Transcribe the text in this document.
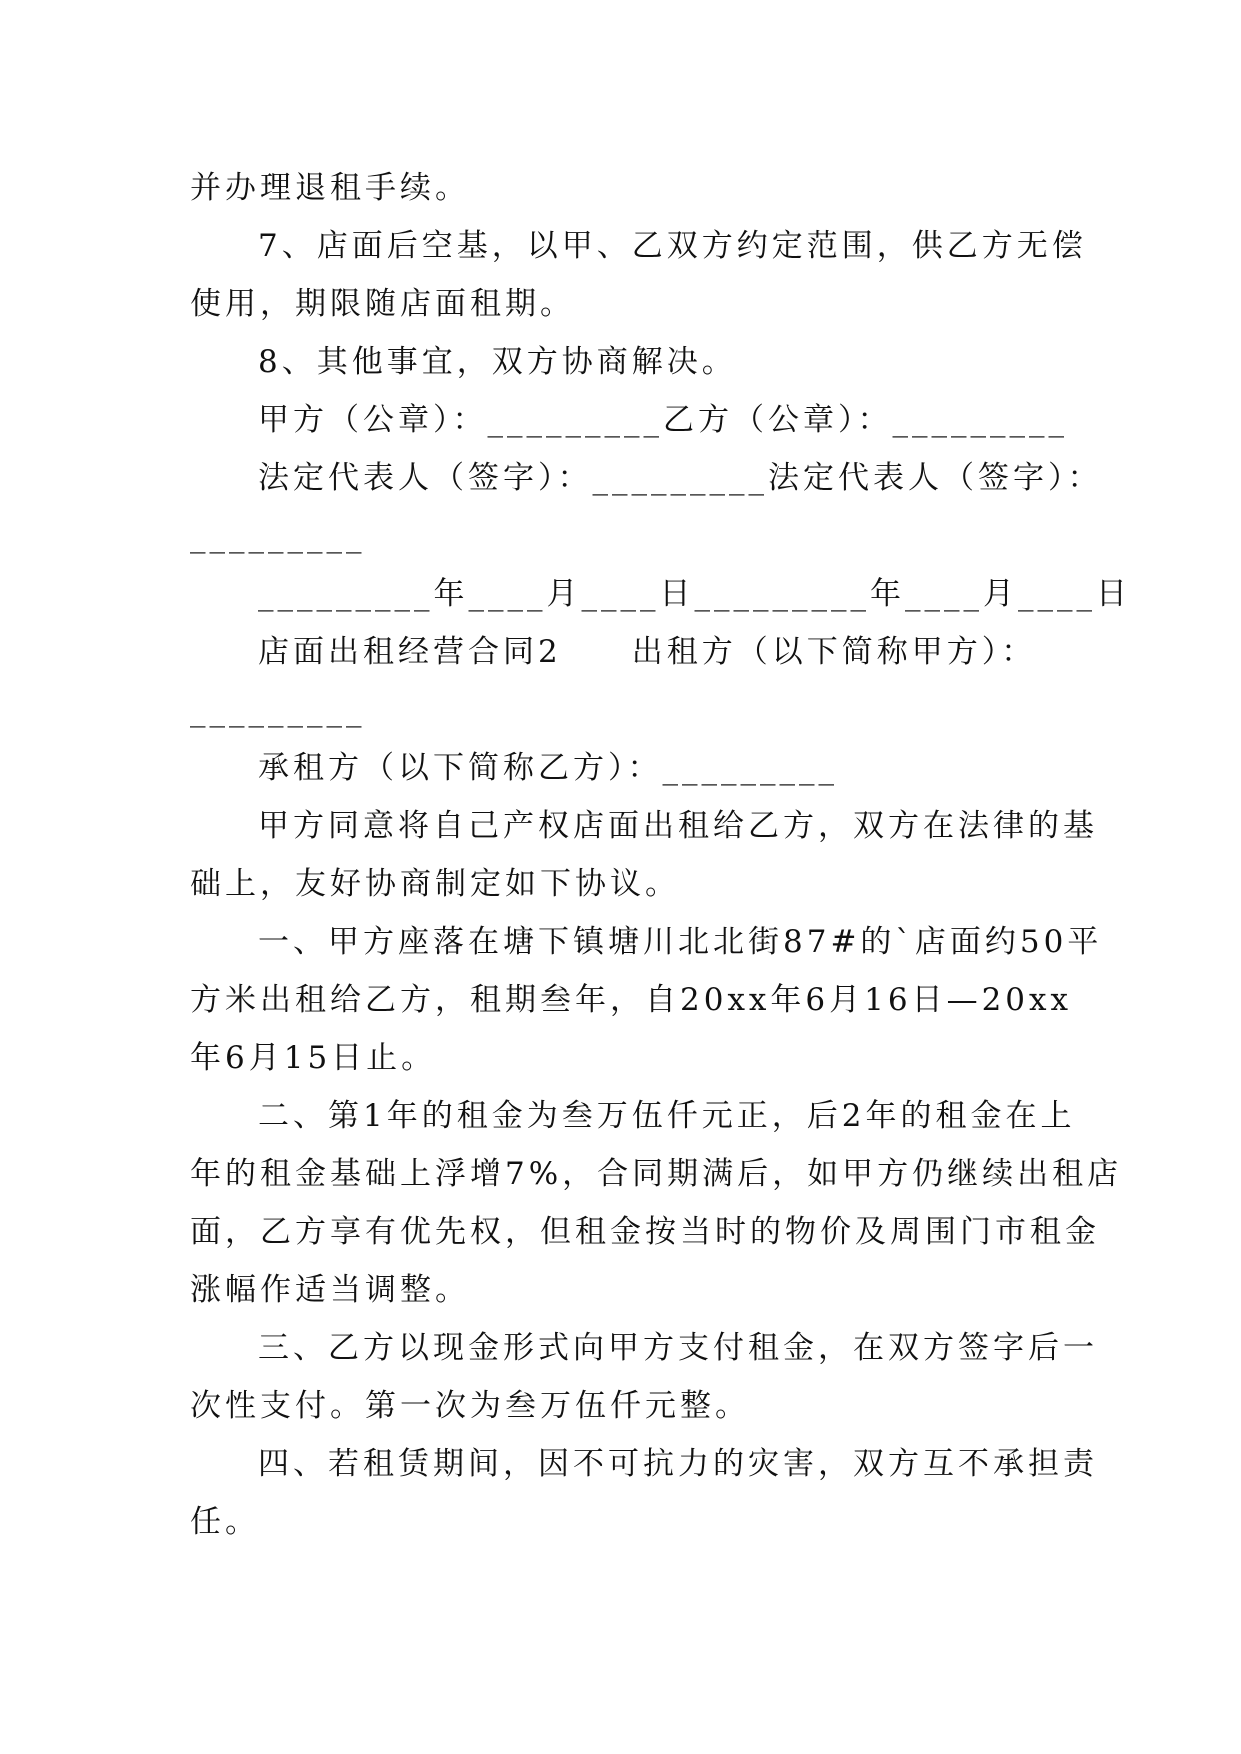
并办理退租手续。
7、店面后空基，以甲、乙双方约定范围，供乙方无偿
使用，期限随店面租期。
8、其他事宜，双方协商解决。
甲方（公章）：_________乙方（公章）：_________
法定代表人（签字）：_________法定代表人（签字）：
_________
_________年____月____日_________年____月____日
店面出租经营合同2　　出租方（以下简称甲方）：
_________
承租方（以下简称乙方）：_________
甲方同意将自己产权店面出租给乙方，双方在法律的基
础上，友好协商制定如下协议。
一、甲方座落在塘下镇塘川北北街87#的`店面约50平
方米出租给乙方，租期叁年，自20xx年6月16日—20xx
年6月15日止。
二、第1年的租金为叁万伍仟元正，后2年的租金在上
年的租金基础上浮增7%，合同期满后，如甲方仍继续出租店
面，乙方享有优先权，但租金按当时的物价及周围门市租金
涨幅作适当调整。
三、乙方以现金形式向甲方支付租金，在双方签字后一
次性支付。第一次为叁万伍仟元整。
四、若租赁期间，因不可抗力的灾害，双方互不承担责
任。
